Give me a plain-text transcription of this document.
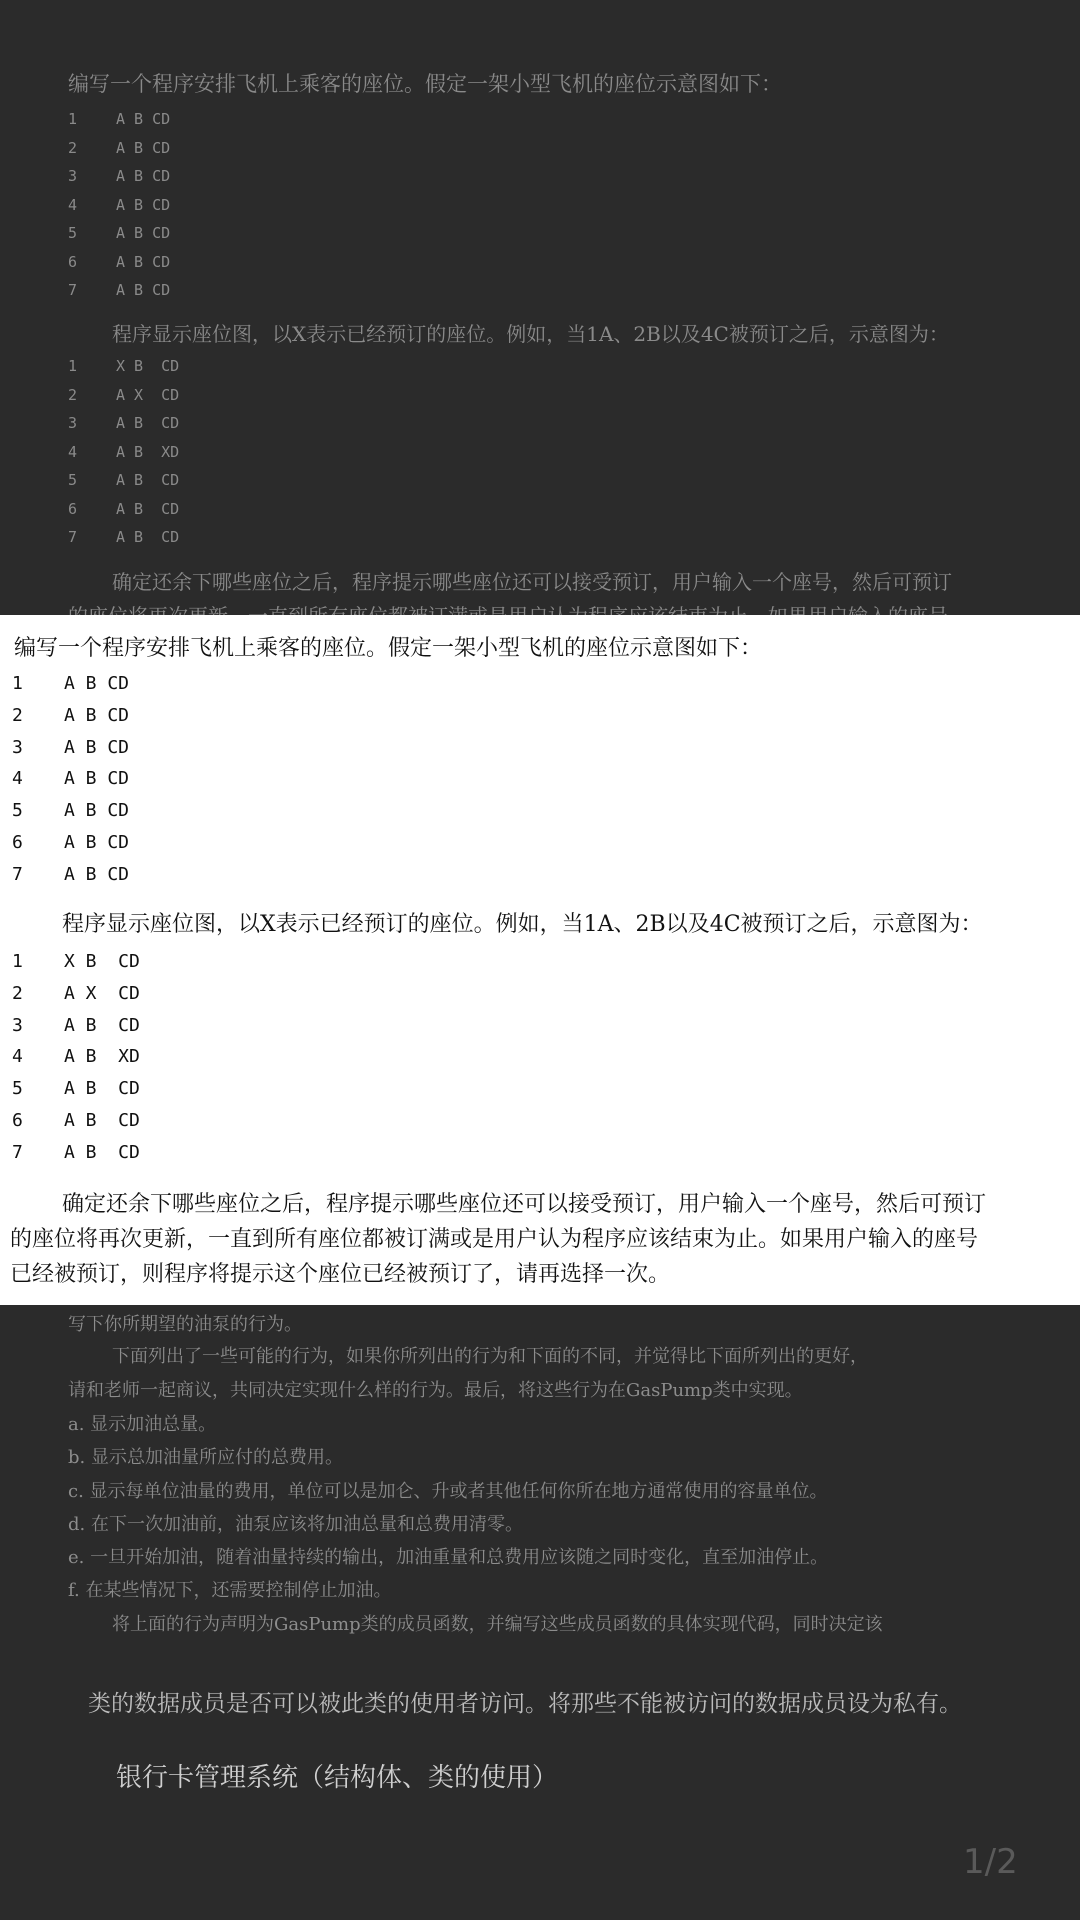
编写一个程序安排飞机上乘客的座位。假定一架小型飞机的座位示意图如下：
1	A B CD
2	A B CD
3	A B CD
4	A B CD
5	A B CD
6	A B CD
7	A B CD
程序显示座位图，以X表示已经预订的座位。例如，当1A、2B以及4C被预订之后，示意图为：
1	X B  CD
2	A X  CD
3	A B  CD
4	A B  XD
5	A B  CD
6	A B  CD
7	A B  CD
确定还余下哪些座位之后，程序提示哪些座位还可以接受预订，用户输入一个座号，然后可预订
写下你所期望的油泵的行为。
下面列出了一些可能的行为，如果你所列出的行为和下面的不同，并觉得比下面所列出的更好，
请和老师一起商议，共同决定实现什么样的行为。最后，将这些行为在GasPump类中实现。
a. 显示加油总量。
b. 显示总加油量所应付的总费用。
c. 显示每单位油量的费用，单位可以是加仑、升或者其他任何你所在地方通常使用的容量单位。
d. 在下一次加油前，油泵应该将加油总量和总费用清零。
e. 一旦开始加油，随着油量持续的输出，加油重量和总费用应该随之同时变化，直至加油停止。
f. 在某些情况下，还需要控制停止加油。
将上面的行为声明为GasPump类的成员函数，并编写这些成员函数的具体实现代码，同时决定该
类的数据成员是否可以被此类的使用者访问。将那些不能被访问的数据成员设为私有。
银行卡管理系统（结构体、类的使用）
1/2
编写一个程序安排飞机上乘客的座位。假定一架小型飞机的座位示意图如下：
1 A B CD
2 A B CD
3 A B CD
4 A B CD
5 A B CD
6 A B CD
7 A B CD
程序显示座位图，以X表示已经预订的座位。例如，当1A、2B以及4C被预订之后，示意图为：
1 X B  CD
2 A X  CD
3 A B  CD
4 A B  XD
5 A B  CD
6 A B  CD
7 A B  CD
确定还余下哪些座位之后，程序提示哪些座位还可以接受预订，用户输入一个座号，然后可预订
的座位将再次更新，一直到所有座位都被订满或是用户认为程序应该结束为止。如果用户输入的座号
已经被预订，则程序将提示这个座位已经被预订了，请再选择一次。
